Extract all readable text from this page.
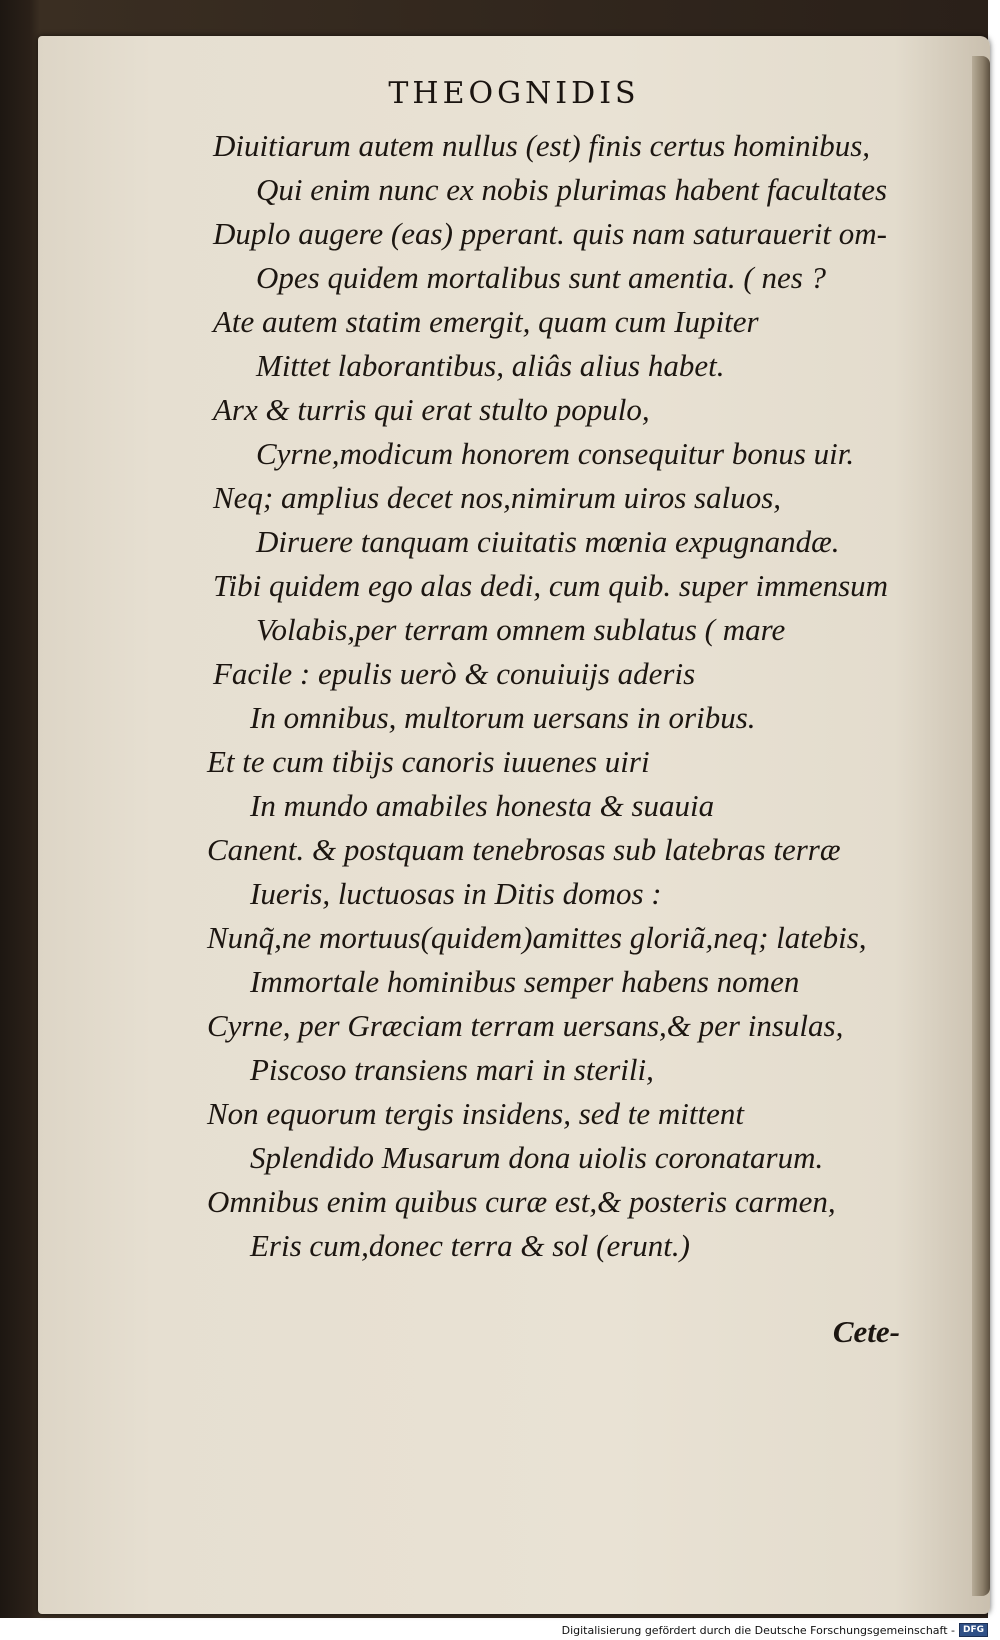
THEOGNIDIS
Diuitiarum autem nullus (est) finis certus hominibus,
Qui enim nunc ex nobis plurimas habent facultates
Duplo augere (eas) pperant. quis nam saturauerit om-
Opes quidem mortalibus sunt amentia. ( nes ?
Ate autem statim emergit, quam cum Iupiter
Mittet laborantibus, aliâs alius habet.
Arx & turris qui erat stulto populo,
Cyrne,modicum honorem consequitur bonus uir.
Neq; amplius decet nos,nimirum uiros saluos,
Diruere tanquam ciuitatis mœnia expugnandæ.
Tibi quidem ego alas dedi, cum quib. super immensum
Volabis,per terram omnem sublatus ( mare
Facile : epulis uerò & conuiuijs aderis
In omnibus, multorum uersans in oribus.
Et te cum tibijs canoris iuuenes uiri
In mundo amabiles honesta & suauia
Canent. & postquam tenebrosas sub latebras terræ
Iueris, luctuosas in Ditis domos :
Nunq̃,ne mortuus(quidem)amittes gloriã,neq; latebis,
Immortale hominibus semper habens nomen
Cyrne, per Græciam terram uersans,& per insulas,
Piscoso transiens mari in sterili,
Non equorum tergis insidens, sed te mittent
Splendido Musarum dona uiolis coronatarum.
Omnibus enim quibus curæ est,& posteris carmen,
Eris cum,donec terra & sol (erunt.)
Cete-
Digitalisierung gefördert durch die Deutsche Forschungsgemeinschaft - DFG
